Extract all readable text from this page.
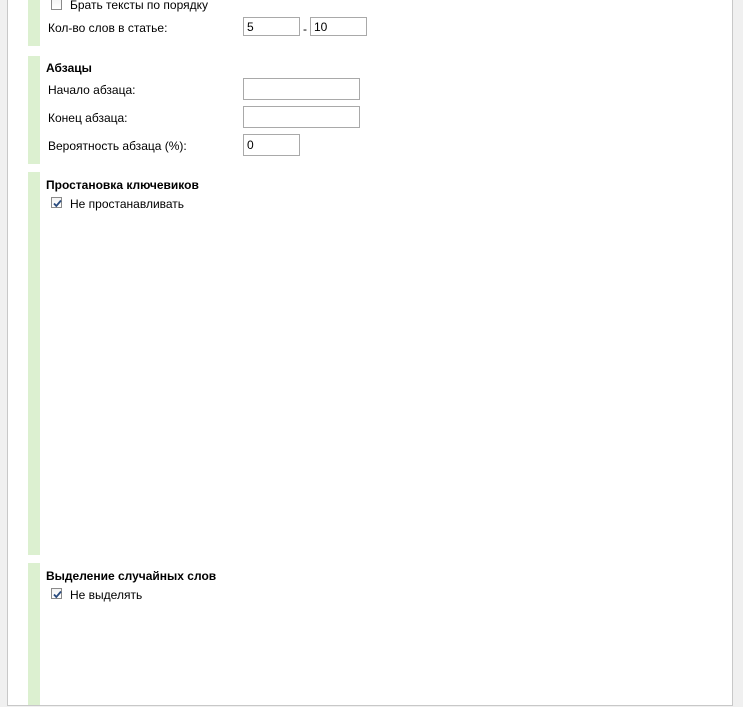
Брать тексты по порядку
Кол-во слов в статье:
5	-
10
Абзацы
Начало абзаца:
Конец абзаца:
Вероятность абзаца (%):
0
Простановка ключевиков
Не простанавливать
Выделение случайных слов
Не выделять
